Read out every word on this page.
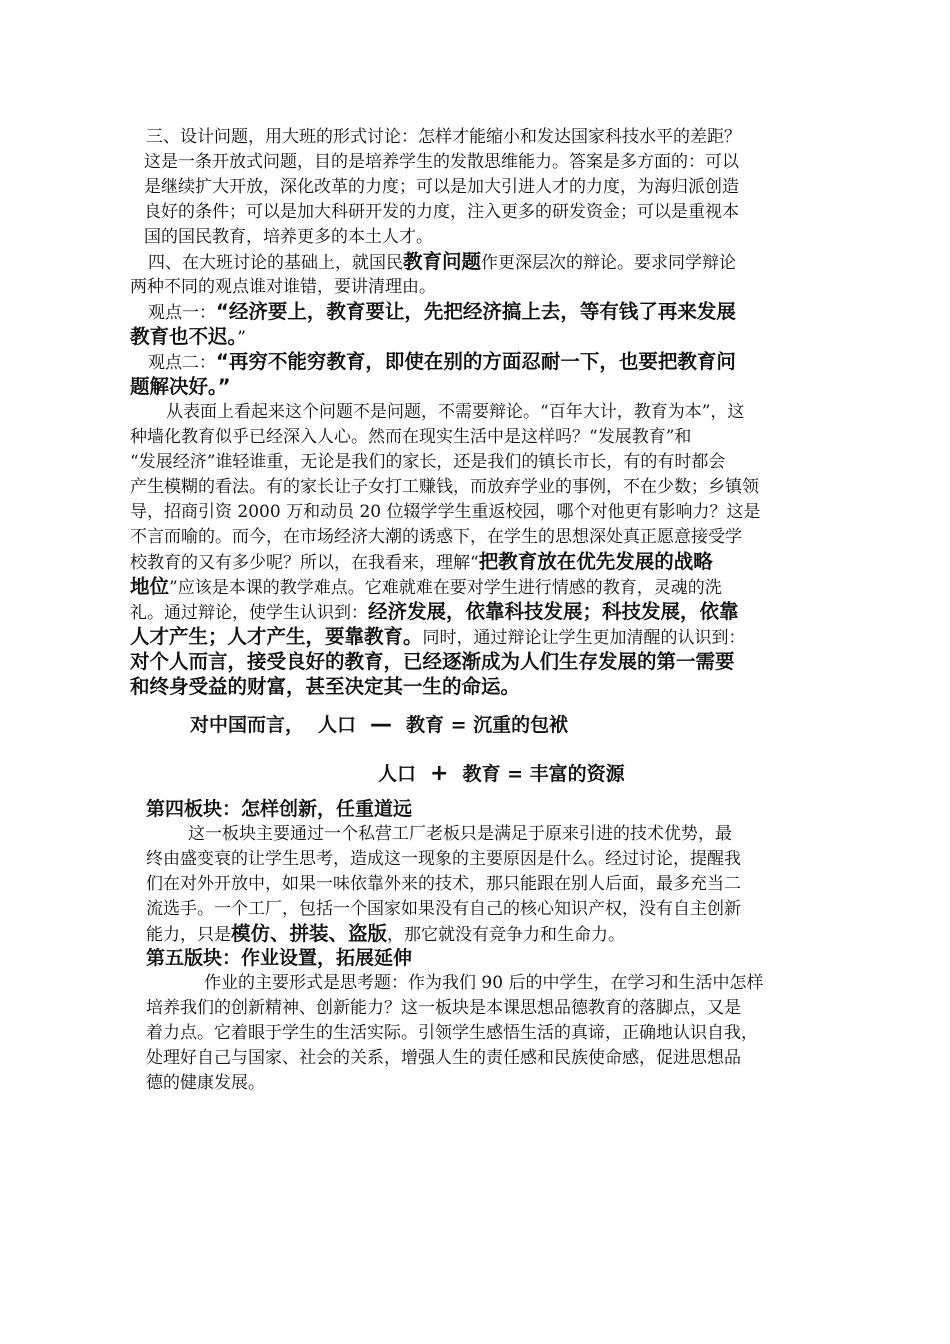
三、设计问题，用大班的形式讨论：怎样才能缩小和发达国家科技水平的差距？
这是一条开放式问题，目的是培养学生的发散思维能力。答案是多方面的：可以
是继续扩大开放，深化改革的力度；可以是加大引进人才的力度，为海归派创造
良好的条件；可以是加大科研开发的力度，注入更多的研发资金；可以是重视本
国的国民教育，培养更多的本土人才。
四、在大班讨论的基础上，就国民教育问题作更深层次的辩论。要求同学辩论
两种不同的观点谁对谁错，要讲清理由。
观点一：“经济要上，教育要让，先把经济搞上去，等有钱了再来发展
教育也不迟。”
观点二：“再穷不能穷教育，即使在别的方面忍耐一下，也要把教育问
题解决好。”
从表面上看起来这个问题不是问题，不需要辩论。“百年大计，教育为本”，这
种墙化教育似乎已经深入人心。然而在现实生活中是这样吗？“发展教育”和
“发展经济”谁轻谁重，无论是我们的家长，还是我们的镇长市长，有的有时都会
产生模糊的看法。有的家长让子女打工赚钱，而放弃学业的事例，不在少数；乡镇领
导，招商引资 2000 万和动员 20 位辍学学生重返校园，哪个对他更有影响力？这是
不言而喻的。而今，在市场经济大潮的诱惑下，在学生的思想深处真正愿意接受学
校教育的又有多少呢？所以，在我看来，理解“把教育放在优先发展的战略
地位”应该是本课的教学难点。它难就难在要对学生进行情感的教育，灵魂的洗
礼。通过辩论，使学生认识到：经济发展，依靠科技发展；科技发展，依靠
人才产生；人才产生，要靠教育。同时，通过辩论让学生更加清醒的认识到：
对个人而言，接受良好的教育，已经逐渐成为人们生存发展的第一需要
和终身受益的财富，甚至决定其一生的命运。
对中国而言， 人口 — 教育 = 沉重的包袱
人口 + 教育 = 丰富的资源
第四板块：怎样创新，任重道远
这一板块主要通过一个私营工厂老板只是满足于原来引进的技术优势，最
终由盛变衰的让学生思考，造成这一现象的主要原因是什么。经过讨论，提醒我
们在对外开放中，如果一味依靠外来的技术，那只能跟在别人后面，最多充当二
流选手。一个工厂，包括一个国家如果没有自己的核心知识产权，没有自主创新
能力，只是模仿、拼装、盗版，那它就没有竞争力和生命力。
第五版块：作业设置，拓展延伸
作业的主要形式是思考题：作为我们 90 后的中学生，在学习和生活中怎样
培养我们的创新精神、创新能力？这一板块是本课思想品德教育的落脚点，又是
着力点。它着眼于学生的生活实际。引领学生感悟生活的真谛，正确地认识自我，
处理好自己与国家、社会的关系，增强人生的责任感和民族使命感，促进思想品
德的健康发展。
